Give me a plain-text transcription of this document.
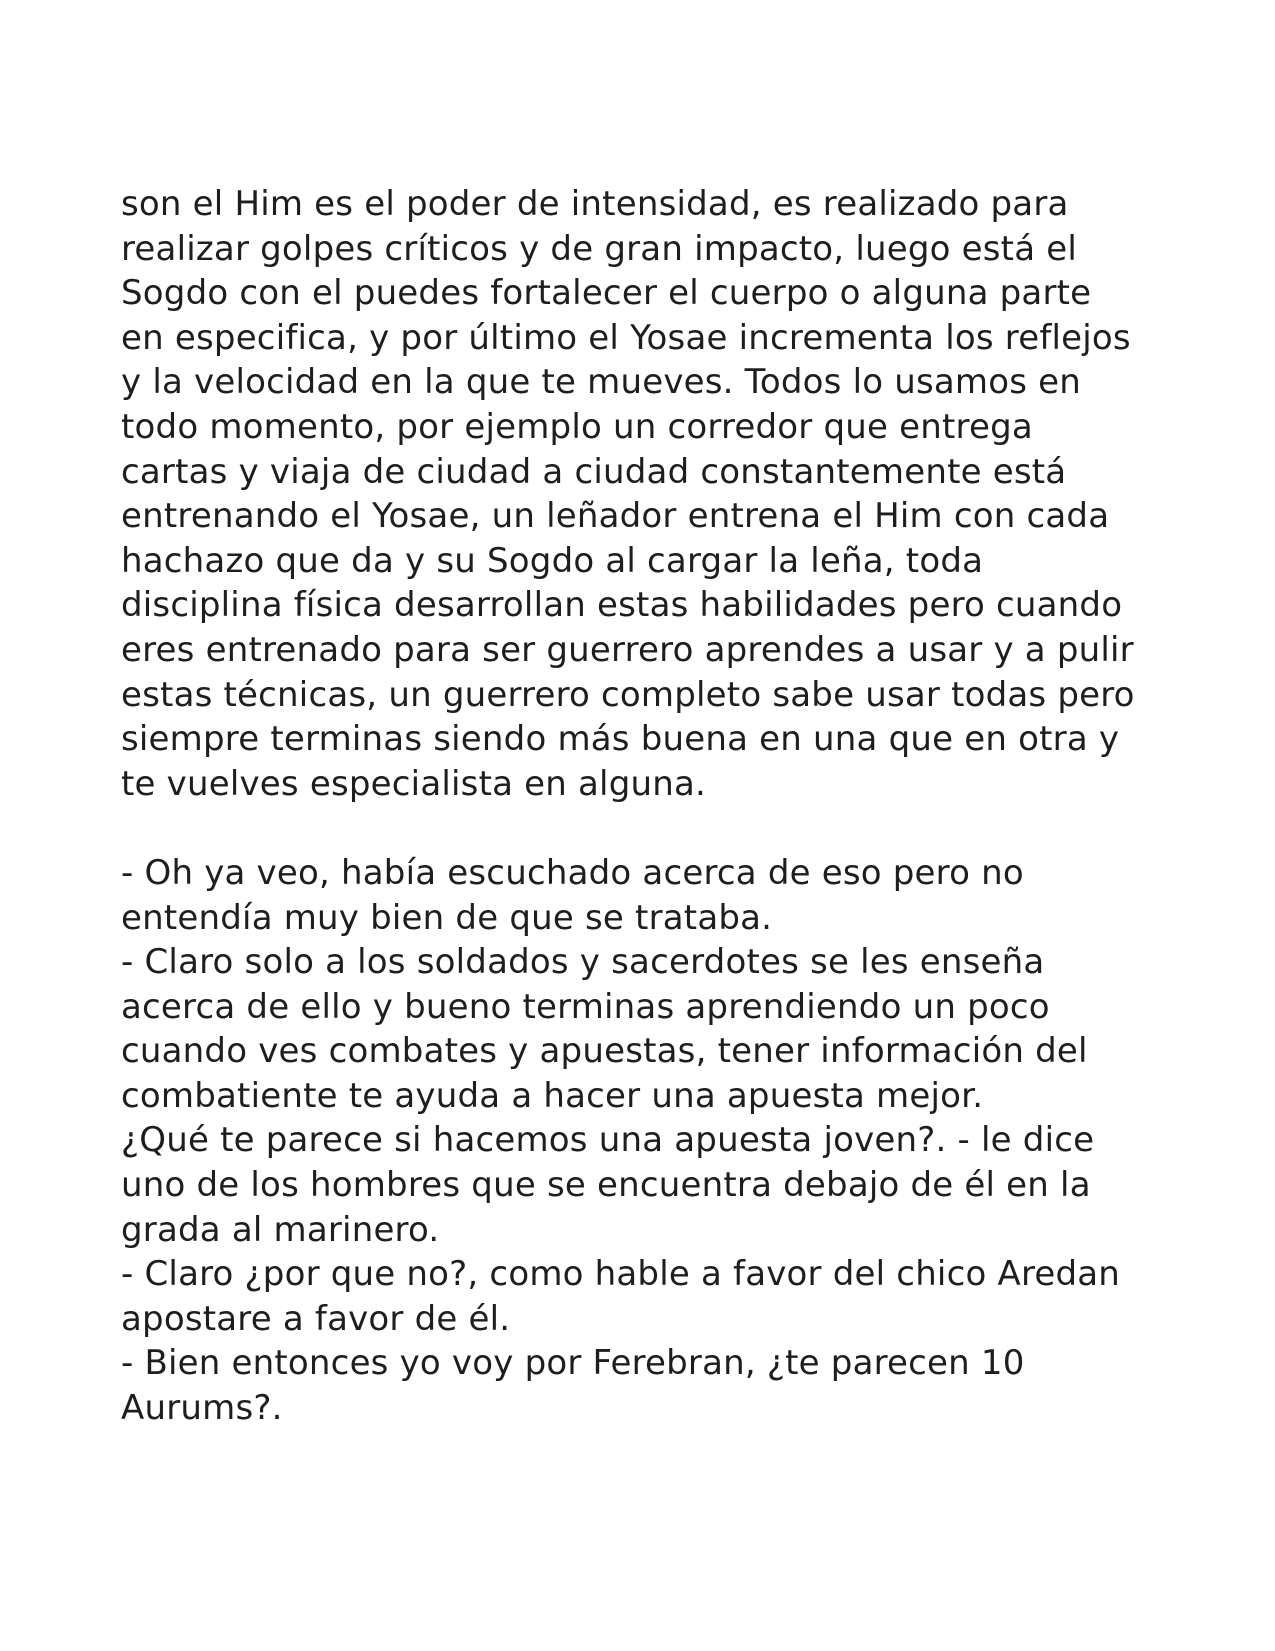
son el Him es el poder de intensidad, es realizado para
realizar golpes críticos y de gran impacto, luego está el
Sogdo con el puedes fortalecer el cuerpo o alguna parte
en especifica, y por último el Yosae incrementa los reflejos
y la velocidad en la que te mueves. Todos lo usamos en
todo momento, por ejemplo un corredor que entrega
cartas y viaja de ciudad a ciudad constantemente está
entrenando el Yosae, un leñador entrena el Him con cada
hachazo que da y su Sogdo al cargar la leña, toda
disciplina física desarrollan estas habilidades pero cuando
eres entrenado para ser guerrero aprendes a usar y a pulir
estas técnicas, un guerrero completo sabe usar todas pero
siempre terminas siendo más buena en una que en otra y
te vuelves especialista en alguna.
- Oh ya veo, había escuchado acerca de eso pero no
entendía muy bien de que se trataba.
- Claro solo a los soldados y sacerdotes se les enseña
acerca de ello y bueno terminas aprendiendo un poco
cuando ves combates y apuestas, tener información del
combatiente te ayuda a hacer una apuesta mejor.
¿Qué te parece si hacemos una apuesta joven?. - le dice
uno de los hombres que se encuentra debajo de él en la
grada al marinero.
- Claro ¿por que no?, como hable a favor del chico Aredan
apostare a favor de él.
- Bien entonces yo voy por Ferebran, ¿te parecen 10
Aurums?.
